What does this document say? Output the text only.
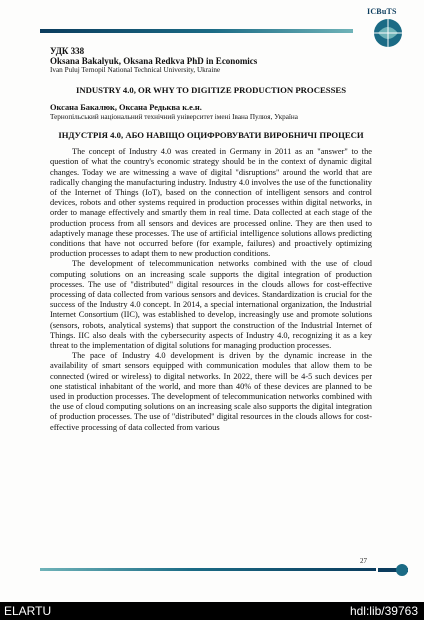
ICBuTS
УДК 338
Oksana Bakalyuk, Oksana Redkva PhD in Economics
Ivan Puluj Ternopil National Technical University, Ukraine
INDUSTRY 4.0, OR WHY TO DIGITIZE PRODUCTION PROCESSES
Оксана Бакалюк, Оксана Редьква к.е.н.
Тернопільський національний технічний університет імені Івана Пулюя, Україна
ІНДУСТРІЯ 4.0, АБО НАВІЩО ОЦИФРОВУВАТИ ВИРОБНИЧІ ПРОЦЕСИ

The concept of Industry 4.0 was created in Germany in 2011 as an "answer" to the question of what the country's economic strategy should be in the context of dynamic digital changes. Today we are witnessing a wave of digital "disruptions" around the world that are radically changing the manufacturing industry. Industry 4.0 involves the use of the functionality of the Internet of Things (IoT), based on the connection of intelligent sensors and control devices, robots and other systems required in production processes within digital networks, in order to manage effectively and smartly them in real time. Data collected at each stage of the production process from all sensors and devices are processed online. They are then used to adaptively manage these processes. The use of artificial intelligence solutions allows predicting conditions that have not occurred before (for example, failures) and proactively optimizing production processes to adapt them to new production conditions.

The development of telecommunication networks combined with the use of cloud computing solutions on an increasing scale supports the digital integration of production processes. The use of "distributed" digital resources in the clouds allows for cost-effective processing of data collected from various sensors and devices. Standardization is crucial for the success of the Industry 4.0 concept. In 2014, a special international organization, the Industrial Internet Consortium (IIC), was established to develop, increasingly use and promote solutions (sensors, robots, analytical systems) that support the construction of the Industrial Internet of Things. IIC also deals with the cybersecurity aspects of Industry 4.0, recognizing it as a key threat to the implementation of digital solutions for managing production processes.

The pace of Industry 4.0 development is driven by the dynamic increase in the availability of smart sensors equipped with communication modules that allow them to be connected (wired or wireless) to digital networks. In 2022, there will be 4-5 such devices per one statistical inhabitant of the world, and more than 40% of these devices are planned to be used in production processes. The development of telecommunication networks combined with the use of cloud computing solutions on an increasing scale also supports the digital integration of production processes. The use of "distributed" digital resources in the clouds allows for cost-effective processing of data collected from various

27
ELARTU	hdl:lib/39763
